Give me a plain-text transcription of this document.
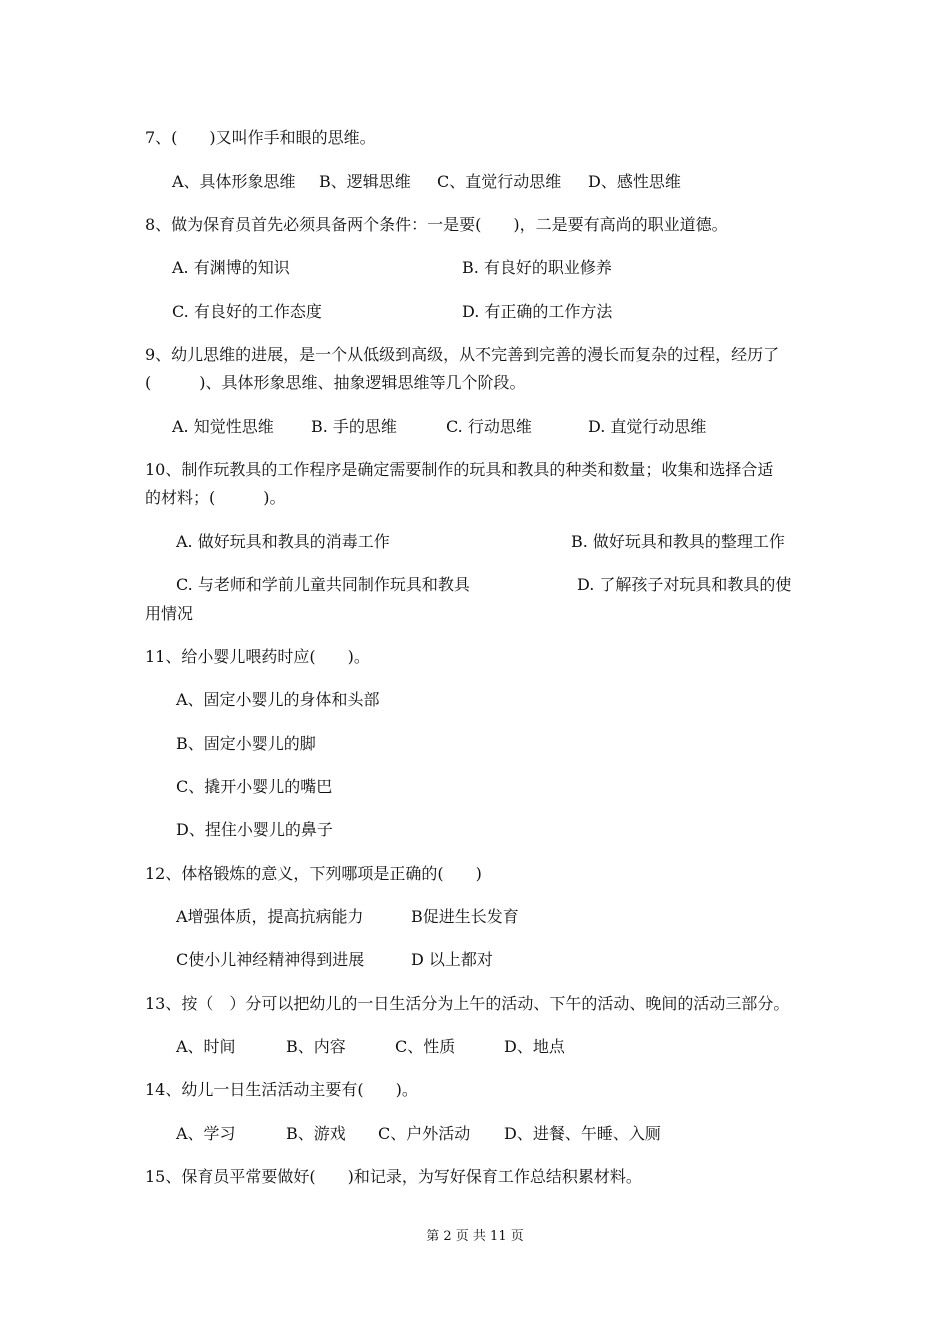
7、(　　)又叫作手和眼的思维。
A、具体形象思维 B、逻辑思维 C、直觉行动思维 D、感性思维
8、做为保育员首先必须具备两个条件：一是要(　　)，二是要有高尚的职业道德。
A. 有渊博的知识	B. 有良好的职业修养
C. 有良好的工作态度	D. 有正确的工作方法
9、幼儿思维的进展，是一个从低级到高级，从不完善到完善的漫长而复杂的过程，经历了
(　　　)、具体形象思维、抽象逻辑思维等几个阶段。
A. 知觉性思维 B. 手的思维	C. 行动思维	D. 直觉行动思维
10、制作玩教具的工作程序是确定需要制作的玩具和教具的种类和数量；收集和选择合适
的材料；(　　　)。
A. 做好玩具和教具的消毒工作	B. 做好玩具和教具的整理工作
C. 与老师和学前儿童共同制作玩具和教具	D. 了解孩子对玩具和教具的使
用情况
11、给小婴儿喂药时应(　　)。
A、固定小婴儿的身体和头部
B、固定小婴儿的脚
C、撬开小婴儿的嘴巴
D、捏住小婴儿的鼻子
12、体格锻炼的意义，下列哪项是正确的(　　)
A增强体质，提高抗病能力	B促进生长发育
C使小儿神经精神得到进展	D 以上都对
13、按（　）分可以把幼儿的一日生活分为上午的活动、下午的活动、晚间的活动三部分。
A、时间	B、内容	C、性质	D、地点
14、幼儿一日生活活动主要有(　　)。
A、学习	B、游戏 C、户外活动 D、进餐、午睡、入厕
15、保育员平常要做好(　　)和记录，为写好保育工作总结积累材料。
第 2 页 共 11 页
